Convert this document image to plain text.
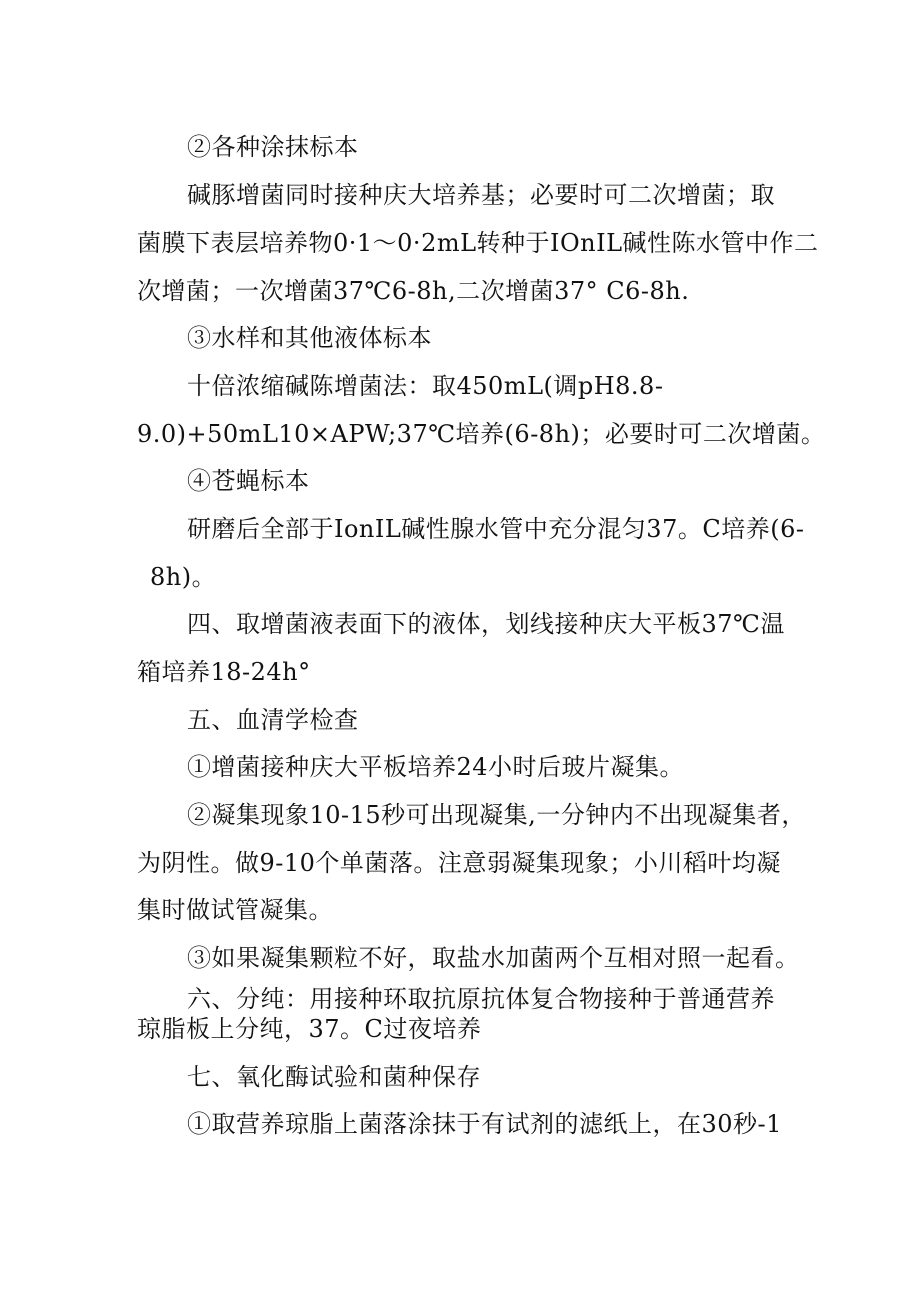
②各种涂抹标本
碱豚增菌同时接种庆大培养基；必要时可二次增菌；取
菌膜下表层培养物0·1～0·2mL转种于IOnIL碱性陈水管中作二
次增菌；一次增菌37℃6-8h,二次增菌37° C6-8h.
③水样和其他液体标本
十倍浓缩碱陈增菌法：取450mL(调pH8.8-
9.0)+50mL10×APW;37℃培养(6-8h)；必要时可二次增菌。
④苍蝇标本
研磨后全部于IonIL碱性腺水管中充分混匀37。C培养(6-
8h)。
四、取增菌液表面下的液体，划线接种庆大平板37℃温
箱培养18-24h°
五、血清学检查
①增菌接种庆大平板培养24小时后玻片凝集。
②凝集现象10-15秒可出现凝集,一分钟内不出现凝集者，
为阴性。做9-10个单菌落。注意弱凝集现象；小川稻叶均凝
集时做试管凝集。
③如果凝集颗粒不好，取盐水加菌两个互相对照一起看。
六、分纯：用接种环取抗原抗体复合物接种于普通营养
琼脂板上分纯，37。C过夜培养
七、氧化酶试验和菌种保存
①取营养琼脂上菌落涂抹于有试剂的滤纸上，在30秒-1
